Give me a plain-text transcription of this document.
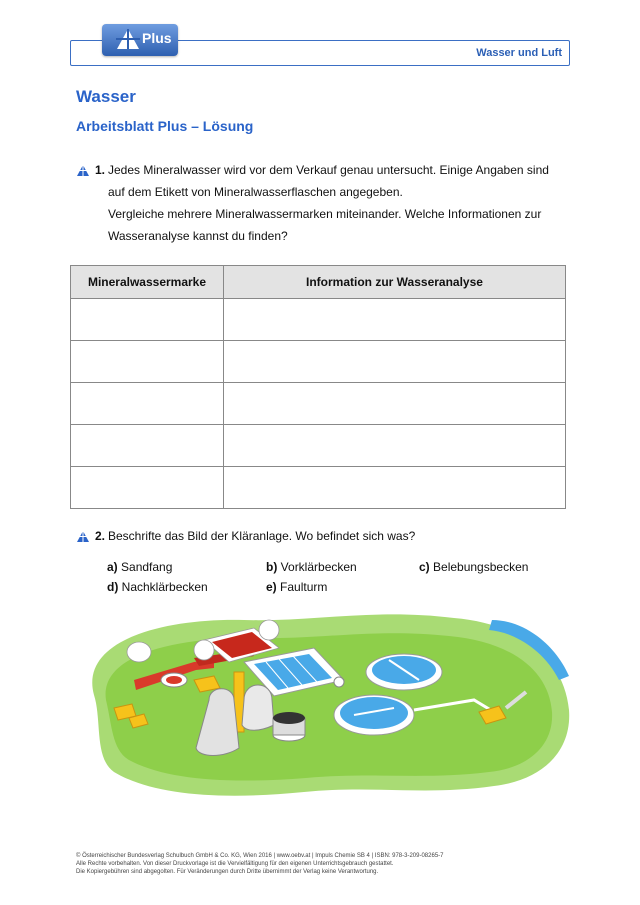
Plus
Wasser und Luft
Wasser
Arbeitsblatt Plus – Lösung
1. Jedes Mineralwasser wird vor dem Verkauf genau untersucht. Einige Angaben sind
auf dem Etikett von Mineralwasserflaschen angegeben.
Vergleiche mehrere Mineralwassermarken miteinander. Welche Informationen zur
Wasseranalyse kannst du finden?
Mineralwassermarke	Information zur Wasseranalyse

2. Beschrifte das Bild der Kläranlage. Wo befindet sich was?
a) Sandfang	b) Vorklärbecken	c) Belebungsbecken
d) Nachklärbecken	e) Faulturm
© Österreichischer Bundesverlag Schulbuch GmbH & Co. KG, Wien 2016 | www.oebv.at | Impuls Chemie SB 4 | ISBN: 978-3-209-08265-7
Alle Rechte vorbehalten. Von dieser Druckvorlage ist die Vervielfältigung für den eigenen Unterrichtsgebrauch gestattet.
Die Kopiergebühren sind abgegolten. Für Veränderungen durch Dritte übernimmt der Verlag keine Verantwortung.
